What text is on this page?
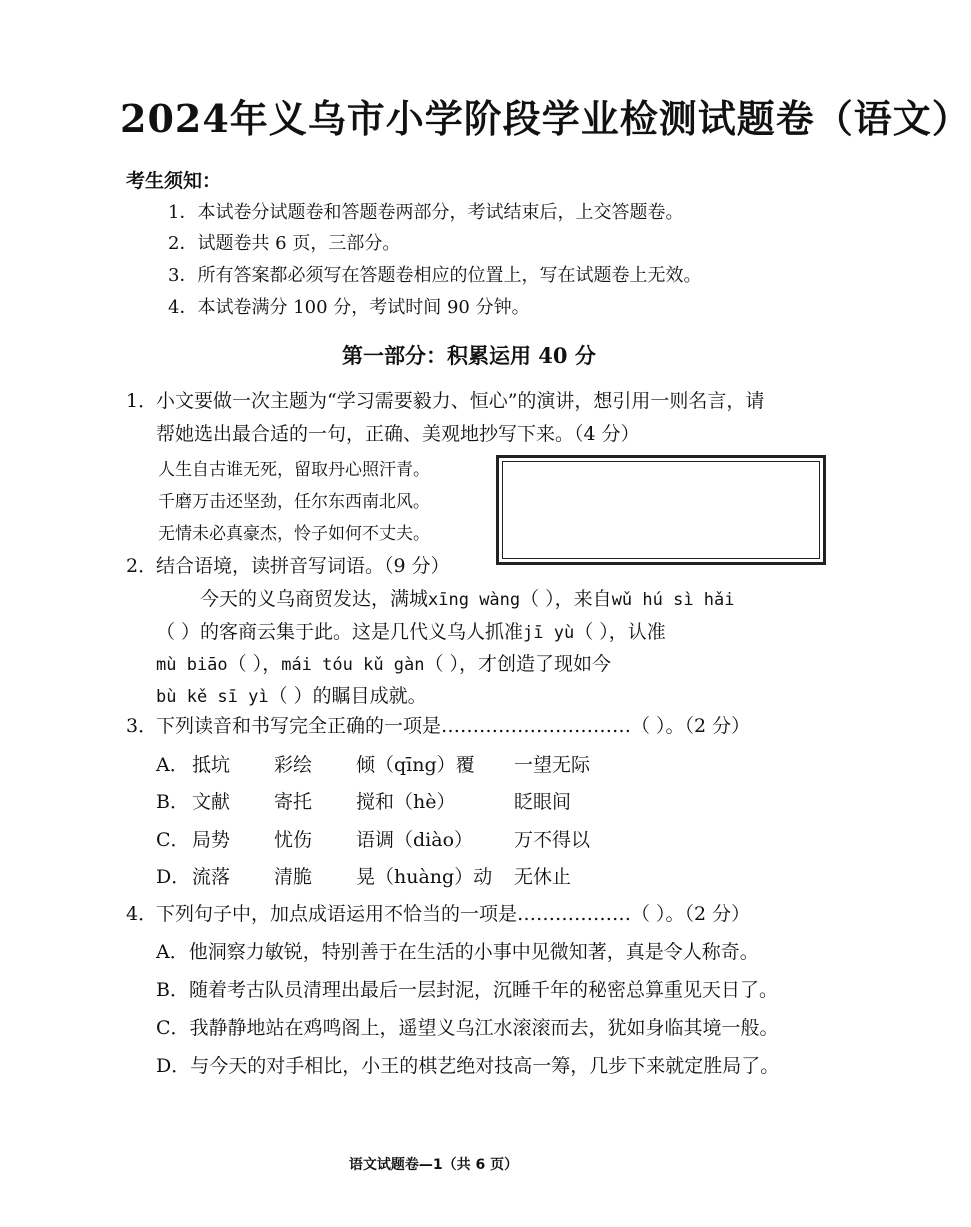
2024年义乌市小学阶段学业检测试题卷（语文）
考生须知：
1．本试卷分试题卷和答题卷两部分，考试结束后，上交答题卷。
2．试题卷共 6 页，三部分。
3．所有答案都必须写在答题卷相应的位置上，写在试题卷上无效。
4．本试卷满分 100 分，考试时间 90 分钟。
第一部分：积累运用 40 分
1．小文要做一次主题为“学习需要毅力、恒心”的演讲，想引用一则名言，请
帮她选出最合适的一句，正确、美观地抄写下来。（4 分）
人生自古谁无死，留取丹心照汗青。
千磨万击还坚劲，任尔东西南北风。
无情未必真豪杰，怜子如何不丈夫。
2．结合语境，读拼音写词语。（9 分）
今天的义乌商贸发达，满城xīng wàng（ ），来自wǔ hú sì hǎi
（ ）的客商云集于此。这是几代义乌人抓准jī yù（ ），认准
mù biāo（ ），mái tóu kǔ gàn（ ），才创造了现如今
bù kě sī yì（ ）的瞩目成就。
3．下列读音和书写完全正确的一项是…………………………（ ）。（2 分）
A． 抵坑 彩绘 倾（qīng）覆 一望无际
B． 文献 寄托 搅和（hè）	眨眼间
C． 局势 忧伤 语调（diào） 万不得以
D． 流落 清脆 晃（huàng）动 无休止
4．下列句子中，加点成语运用不恰当的一项是………………（ ）。（2 分）
A．他洞察力敏锐，特别善于在生活的小事中见微知著，真是令人称奇。
B．随着考古队员清理出最后一层封泥，沉睡千年的秘密总算重见天日了。
C．我静静地站在鸡鸣阁上，遥望义乌江水滚滚而去，犹如身临其境一般。
D．与今天的对手相比，小王的棋艺绝对技高一筹，几步下来就定胜局了。
语文试题卷—1（共 6 页）
